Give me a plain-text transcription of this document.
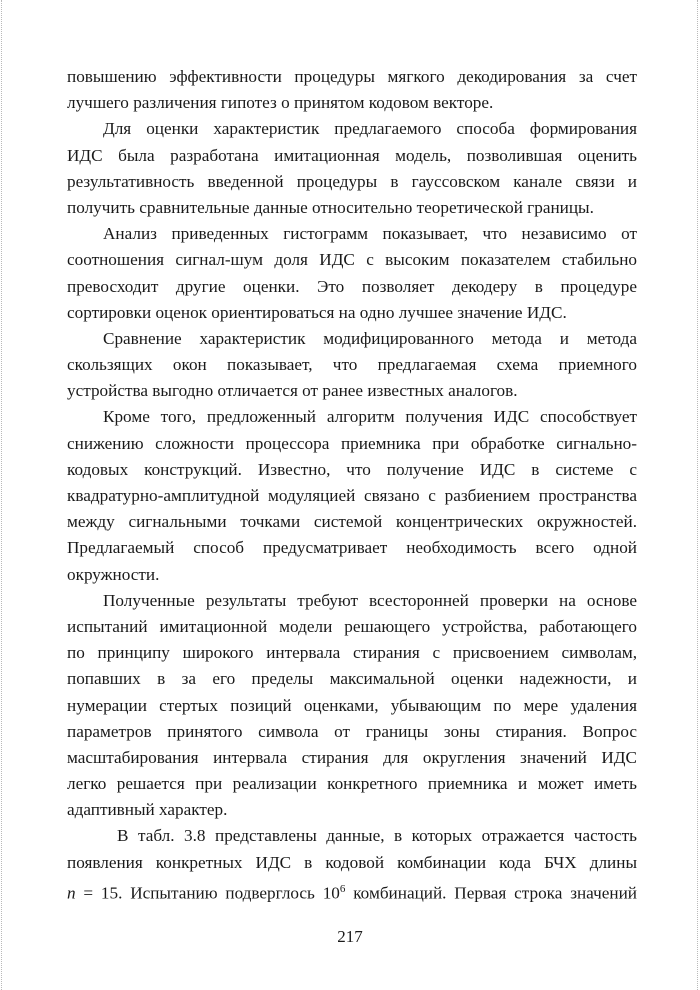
повышению эффективности процедуры мягкого декодирования за счет
лучшего различения гипотез о принятом кодовом векторе.
Для оценки характеристик предлагаемого способа формирования
ИДС была разработана имитационная модель, позволившая оценить
результативность введенной процедуры в гауссовском канале связи и
получить сравнительные данные относительно теоретической границы.
Анализ приведенных гистограмм показывает, что независимо от
соотношения сигнал-шум доля ИДС с высоким показателем стабильно
превосходит другие оценки. Это позволяет декодеру в процедуре
сортировки оценок ориентироваться на одно лучшее значение ИДС.
Сравнение характеристик модифицированного метода и метода
скользящих окон показывает, что предлагаемая схема приемного
устройства выгодно отличается от ранее известных аналогов.
Кроме того, предложенный алгоритм получения ИДС способствует
снижению сложности процессора приемника при обработке сигнально-
кодовых конструкций. Известно, что получение ИДС в системе с
квадратурно-амплитудной модуляцией связано с разбиением пространства
между сигнальными точками системой концентрических окружностей.
Предлагаемый способ предусматривает необходимость всего одной
окружности.
Полученные результаты требуют всесторонней проверки на основе
испытаний имитационной модели решающего устройства, работающего
по принципу широкого интервала стирания с присвоением символам,
попавших в за его пределы максимальной оценки надежности, и
нумерации стертых позиций оценками, убывающим по мере удаления
параметров принятого символа от границы зоны стирания. Вопрос
масштабирования интервала стирания для округления значений ИДС
легко решается при реализации конкретного приемника и может иметь
адаптивный характер.
В табл. 3.8 представлены данные, в которых отражается частость
появления конкретных ИДС в кодовой комбинации кода БЧХ длины
n = 15. Испытанию подверглось $10^6$ комбинаций. Первая строка значений
217
